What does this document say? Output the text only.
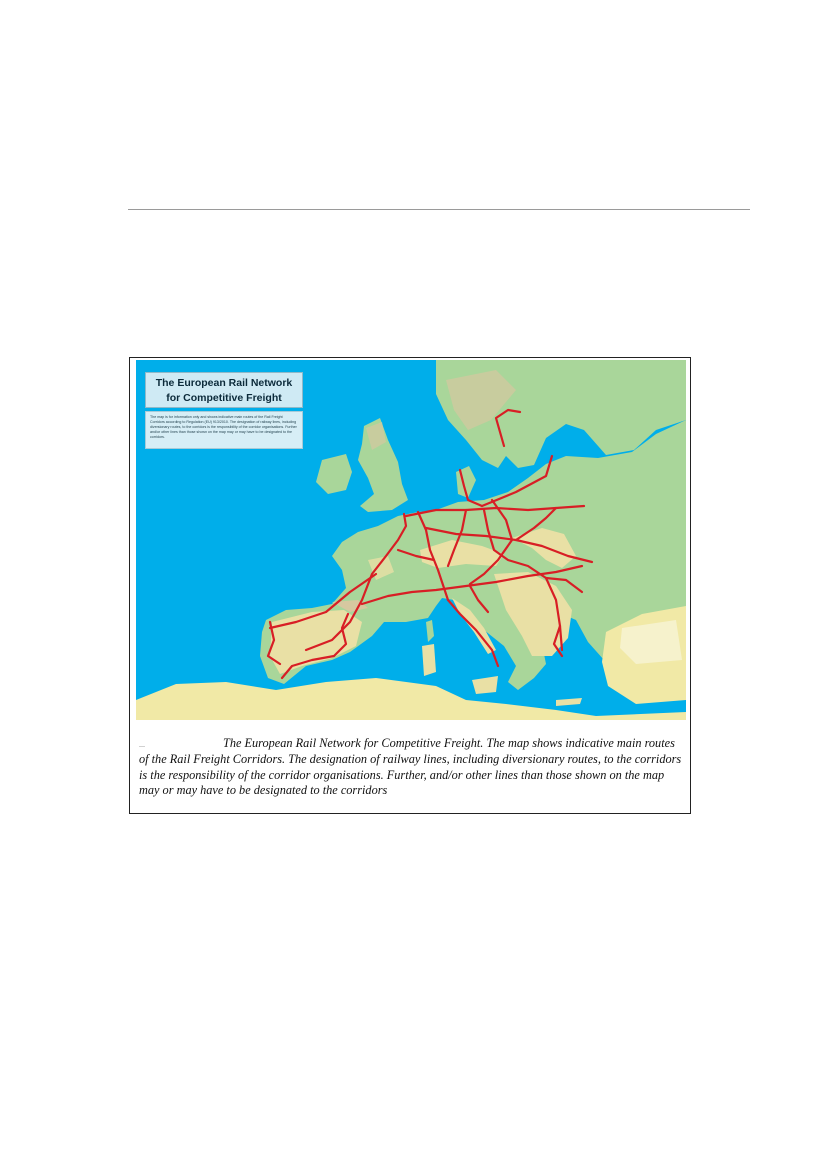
The European Rail Network
for Competitive Freight
The map is for information only and shows indicative main routes of the Rail Freight Corridors according to Regulation (EU) 913/2010. The designation of railway lines, including diversionary routes, to the corridors is the responsibility of the corridor organisations. Further and/or other lines than those shown on the map may or may have to be designated to the corridors.
...	The European Rail Network for Competitive Freight. The map shows indicative main routes of the Rail Freight Corridors. The designation of railway lines, including diversionary routes, to the corridors is the responsibility of the corridor organisations. Further, and/or other lines than those shown on the map may or may have to be designated to the corridors
